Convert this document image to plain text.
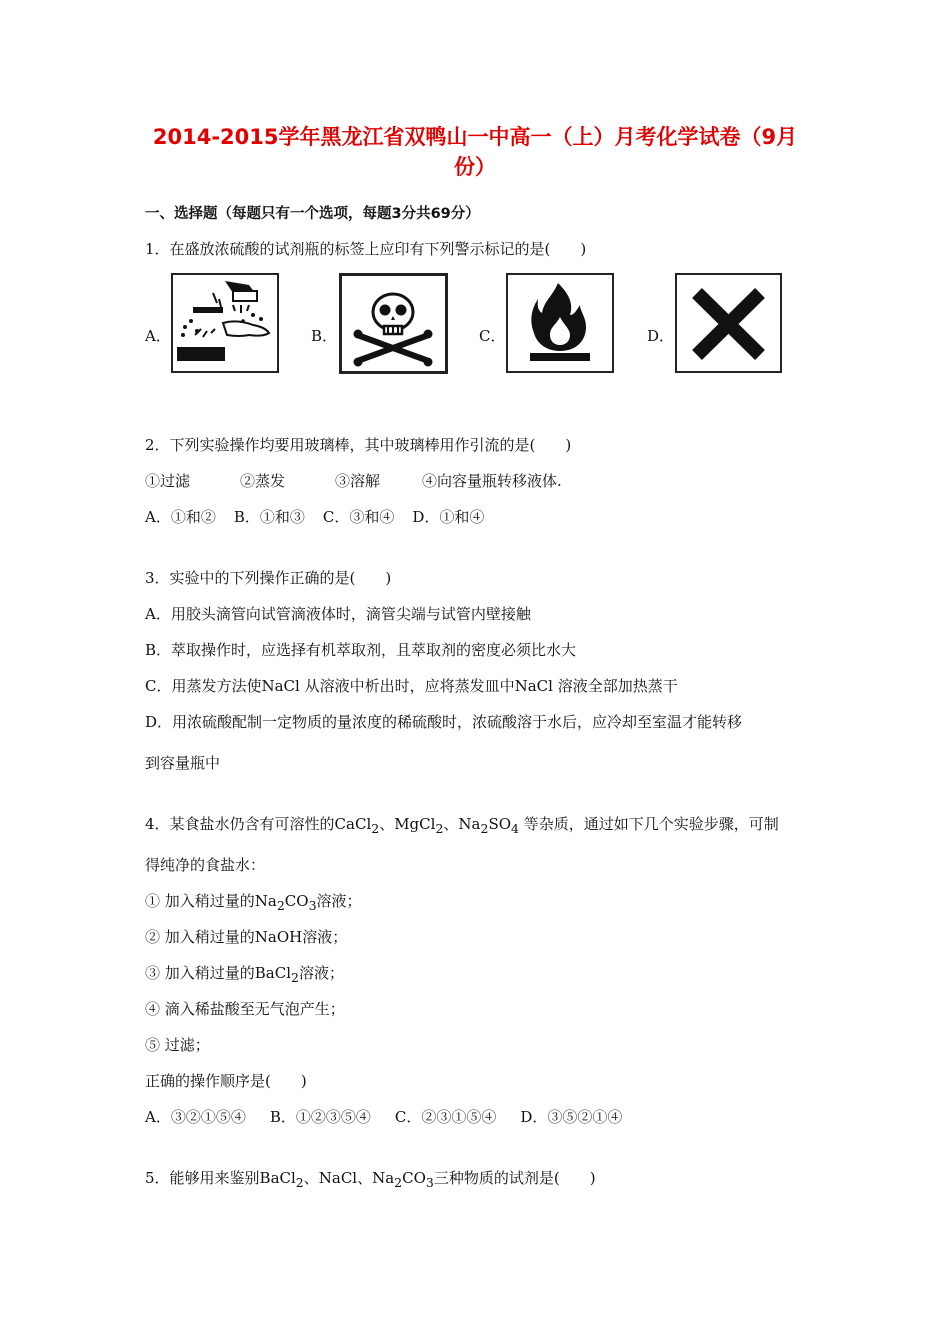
2014-2015学年黑龙江省双鸭山一中高一（上）月考化学试卷（9月
份）
一、选择题（每题只有一个选项，每题3分共69分）
1．在盛放浓硫酸的试剂瓶的标签上应印有下列警示标记的是(　　)
A．	B．	C．	D．
2．下列实验操作均要用玻璃棒，其中玻璃棒用作引流的是(　　)
①过滤	②蒸发	③溶解	④向容量瓶转移液体.
A．①和② B．①和③ C．③和④ D．①和④
3．实验中的下列操作正确的是(　　)
A．用胶头滴管向试管滴液体时，滴管尖端与试管内壁接触
B．萃取操作时，应选择有机萃取剂，且萃取剂的密度必须比水大
C．用蒸发方法使NaCl 从溶液中析出时，应将蒸发皿中NaCl 溶液全部加热蒸干
D．用浓硫酸配制一定物质的量浓度的稀硫酸时，浓硫酸溶于水后，应冷却至室温才能转移
到容量瓶中
4．某食盐水仍含有可溶性的CaCl$_2$、MgCl$_2$、$Na_2SO_4$ 等杂质，通过如下几个实验步骤，可制
得纯净的食盐水：
① 加入稍过量的$Na_2CO_3$溶液；
② 加入稍过量的NaOH溶液；
③ 加入稍过量的BaCl$_2$溶液；
④ 滴入稀盐酸至无气泡产生；
⑤ 过滤；
正确的操作顺序是(　　)
A．③②①⑤④ B．①②③⑤④ C．②③①⑤④ D．③⑤②①④
5．能够用来鉴别BaCl$_2$、NaCl、$Na_2CO_3$三种物质的试剂是(　　)
